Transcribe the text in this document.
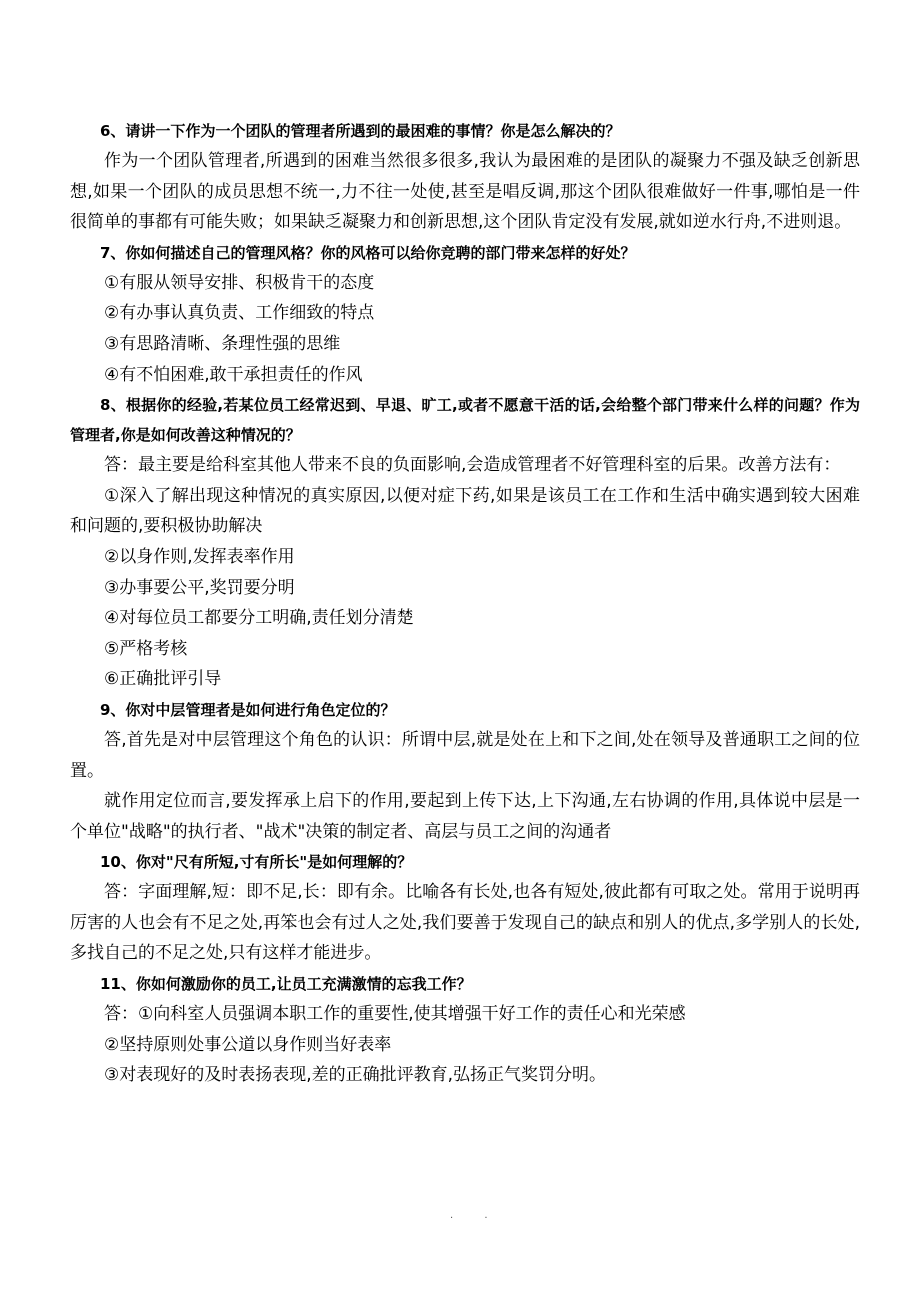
6、请讲一下作为一个团队的管理者所遇到的最困难的事情？你是怎么解决的？

作为一个团队管理者,所遇到的困难当然很多很多,我认为最困难的是团队的凝聚力不强及缺乏创新思想,如果一个团队的成员思想不统一,力不往一处使,甚至是唱反调,那这个团队很难做好一件事,哪怕是一件很简单的事都有可能失败；如果缺乏凝聚力和创新思想,这个团队肯定没有发展,就如逆水行舟,不进则退。

7、你如何描述自己的管理风格？你的风格可以给你竞聘的部门带来怎样的好处？

①有服从领导安排、积极肯干的态度

②有办事认真负责、工作细致的特点

③有思路清晰、条理性强的思维

④有不怕困难,敢干承担责任的作风

8、根据你的经验,若某位员工经常迟到、早退、旷工,或者不愿意干活的话,会给整个部门带来什么样的问题？作为管理者,你是如何改善这种情况的？

答：最主要是给科室其他人带来不良的负面影响,会造成管理者不好管理科室的后果。改善方法有：

①深入了解出现这种情况的真实原因,以便对症下药,如果是该员工在工作和生活中确实遇到较大困难和问题的,要积极协助解决

②以身作则,发挥表率作用

③办事要公平,奖罚要分明

④对每位员工都要分工明确,责任划分清楚

⑤严格考核

⑥正确批评引导

9、你对中层管理者是如何进行角色定位的？

答,首先是对中层管理这个角色的认识：所谓中层,就是处在上和下之间,处在领导及普通职工之间的位置。

就作用定位而言,要发挥承上启下的作用,要起到上传下达,上下沟通,左右协调的作用,具体说中层是一个单位"战略"的执行者、"战术"决策的制定者、高层与员工之间的沟通者

10、你对"尺有所短,寸有所长"是如何理解的？

答：字面理解,短：即不足,长：即有余。比喻各有长处,也各有短处,彼此都有可取之处。常用于说明再厉害的人也会有不足之处,再笨也会有过人之处,我们要善于发现自己的缺点和别人的优点,多学别人的长处,多找自己的不足之处,只有这样才能进步。

11、你如何激励你的员工,让员工充满激情的忘我工作？

答：①向科室人员强调本职工作的重要性,使其增强干好工作的责任心和光荣感

②坚持原则处事公道以身作则当好表率

③对表现好的及时表扬表现,差的正确批评教育,弘扬正气奖罚分明。

. .
